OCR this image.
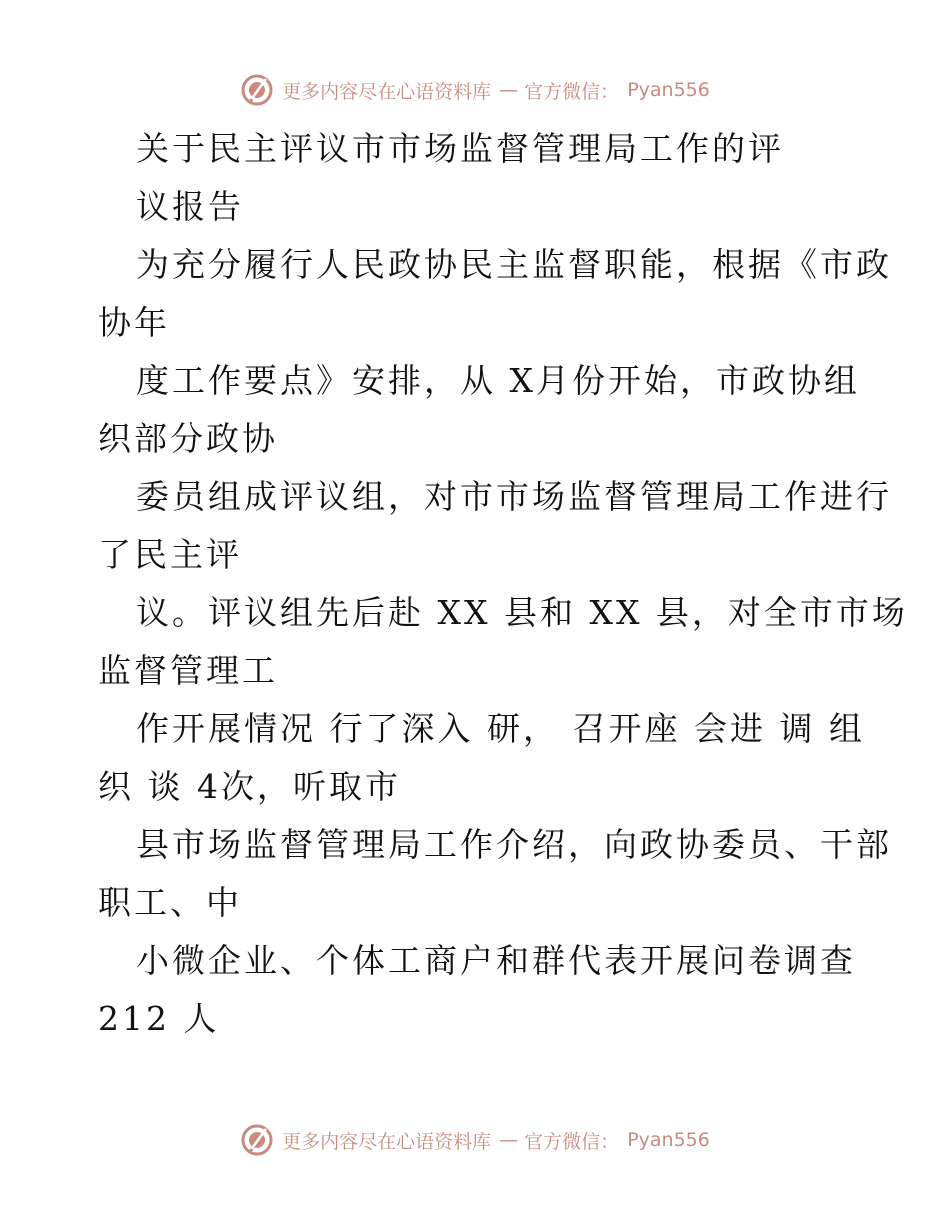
更多内容尽在心语资料库 — 官方微信： Pyan556
关于民主评议市市场监督管理局工作的评
议报告
为充分履行人民政协民主监督职能，根据《市政
协年
度工作要点》安排，从 X月份开始，市政协组
织部分政协
委员组成评议组，对市市场监督管理局工作进行
了民主评
议。评议组先后赴 XX 县和 XX 县，对全市市场
监督管理工
作开展情况 行了深入 研， 召开座 会进 调 组
织 谈 4次，听取市
县市场监督管理局工作介绍，向政协委员、干部
职工、中
小微企业、个体工商户和群代表开展问卷调查
212 人
更多内容尽在心语资料库 — 官方微信： Pyan556
